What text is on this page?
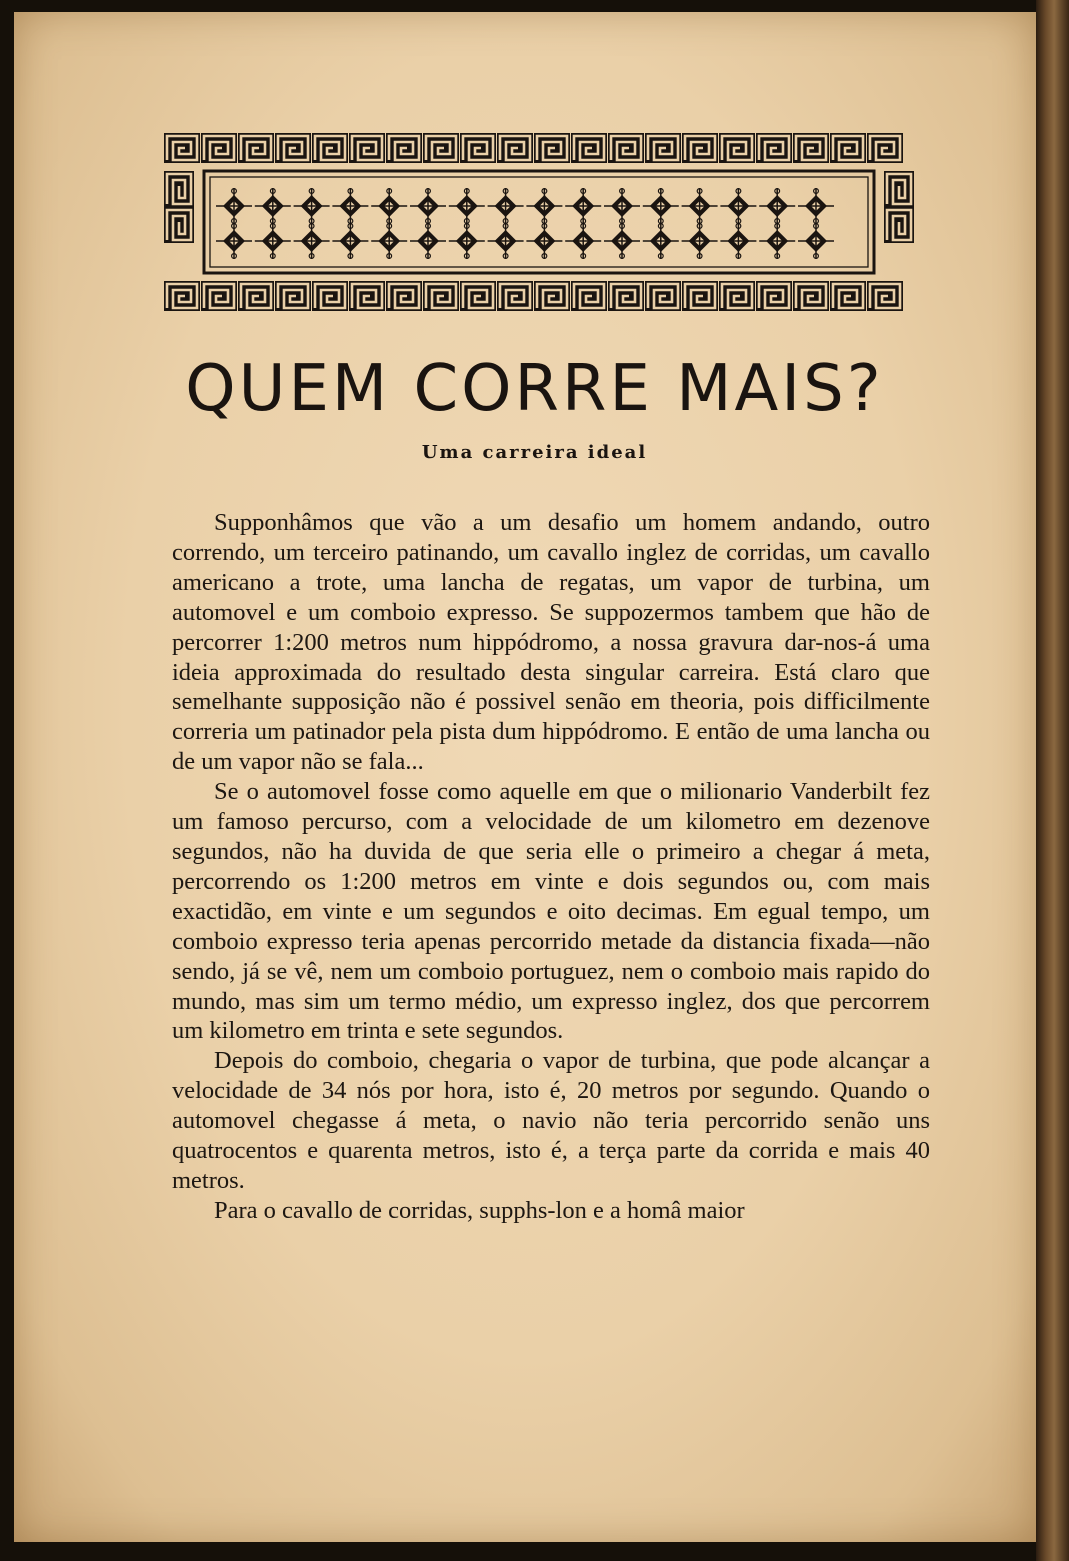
QUEM CORRE MAIS?
Uma carreira ideal

Supponhâmos que vão a um desafio um homem andando, outro correndo, um terceiro patinando, um cavallo inglez de corridas, um cavallo americano a trote, uma lancha de regatas, um vapor de turbina, um automovel e um comboio expresso. Se suppozermos tambem que hão de percorrer 1:200 metros num hippódromo, a nossa gravura dar-nos-á uma ideia approximada do resultado desta singular carreira. Está claro que semelhante supposição não é possivel senão em theoria, pois difficilmente correria um patinador pela pista dum hippódromo. E então de uma lancha ou de um vapor não se fala...

Se o automovel fosse como aquelle em que o milionario Vanderbilt fez um famoso percurso, com a velocidade de um kilometro em dezenove segundos, não ha duvida de que seria elle o primeiro a chegar á meta, percorrendo os 1:200 metros em vinte e dois segundos ou, com mais exactidão, em vinte e um segundos e oito decimas. Em egual tempo, um comboio expresso teria apenas percorrido metade da distancia fixada—não sendo, já se vê, nem um comboio portuguez, nem o comboio mais rapido do mundo, mas sim um termo médio, um expresso inglez, dos que percorrem um kilometro em trinta e sete segundos.

Depois do comboio, chegaria o vapor de turbina, que pode alcançar a velocidade de 34 nós por hora, isto é, 20 metros por segundo. Quando o automovel chegasse á meta, o navio não teria percorrido senão uns quatrocentos e quarenta metros, isto é, a terça parte da corrida e mais 40 metros.

Para o cavallo de corridas, supphs-lon e a homâ maior
